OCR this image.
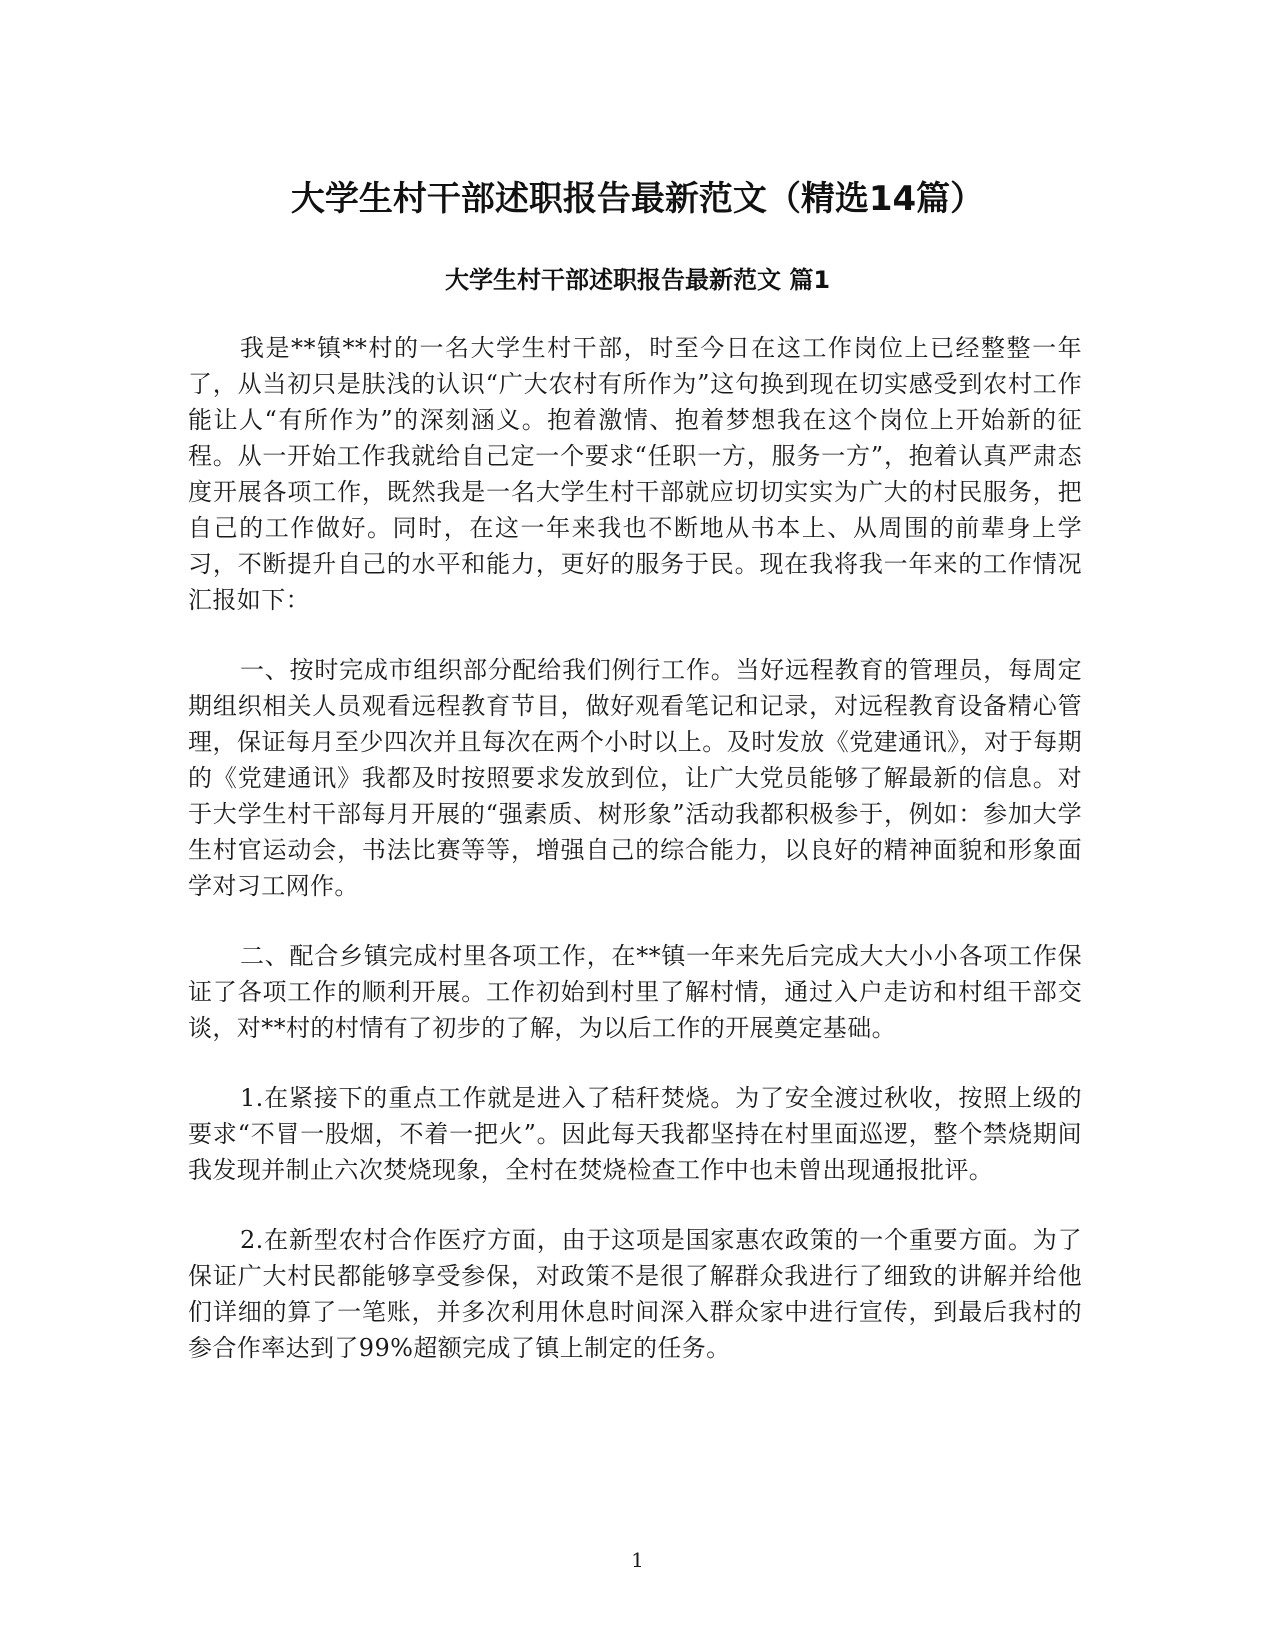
大学生村干部述职报告最新范文（精选14篇）
大学生村干部述职报告最新范文 篇1

我是**镇**村的一名大学生村干部，时至今日在这工作岗位上已经整整一年了，从当初只是肤浅的认识“广大农村有所作为”这句换到现在切实感受到农村工作能让人“有所作为”的深刻涵义。抱着激情、抱着梦想我在这个岗位上开始新的征程。从一开始工作我就给自己定一个要求“任职一方，服务一方”，抱着认真严肃态度开展各项工作，既然我是一名大学生村干部就应切切实实为广大的村民服务，把自己的工作做好。同时，在这一年来我也不断地从书本上、从周围的前辈身上学习，不断提升自己的水平和能力，更好的服务于民。现在我将我一年来的工作情况汇报如下：

一、按时完成市组织部分配给我们例行工作。当好远程教育的管理员，每周定期组织相关人员观看远程教育节目，做好观看笔记和记录，对远程教育设备精心管理，保证每月至少四次并且每次在两个小时以上。及时发放《党建通讯》，对于每期的《党建通讯》我都及时按照要求发放到位，让广大党员能够了解最新的信息。对于大学生村干部每月开展的“强素质、树形象”活动我都积极参于，例如：参加大学生村官运动会，书法比赛等等，增强自己的综合能力，以良好的精神面貌和形象面学对习工网作。

二、配合乡镇完成村里各项工作，在**镇一年来先后完成大大小小各项工作保证了各项工作的顺利开展。工作初始到村里了解村情，通过入户走访和村组干部交谈，对**村的村情有了初步的了解，为以后工作的开展奠定基础。

1.在紧接下的重点工作就是进入了秸秆焚烧。为了安全渡过秋收，按照上级的要求“不冒一股烟，不着一把火”。因此每天我都坚持在村里面巡逻，整个禁烧期间我发现并制止六次焚烧现象，全村在焚烧检查工作中也未曾出现通报批评。

2.在新型农村合作医疗方面，由于这项是国家惠农政策的一个重要方面。为了保证广大村民都能够享受参保，对政策不是很了解群众我进行了细致的讲解并给他们详细的算了一笔账，并多次利用休息时间深入群众家中进行宣传，到最后我村的参合作率达到了99%超额完成了镇上制定的任务。

1
